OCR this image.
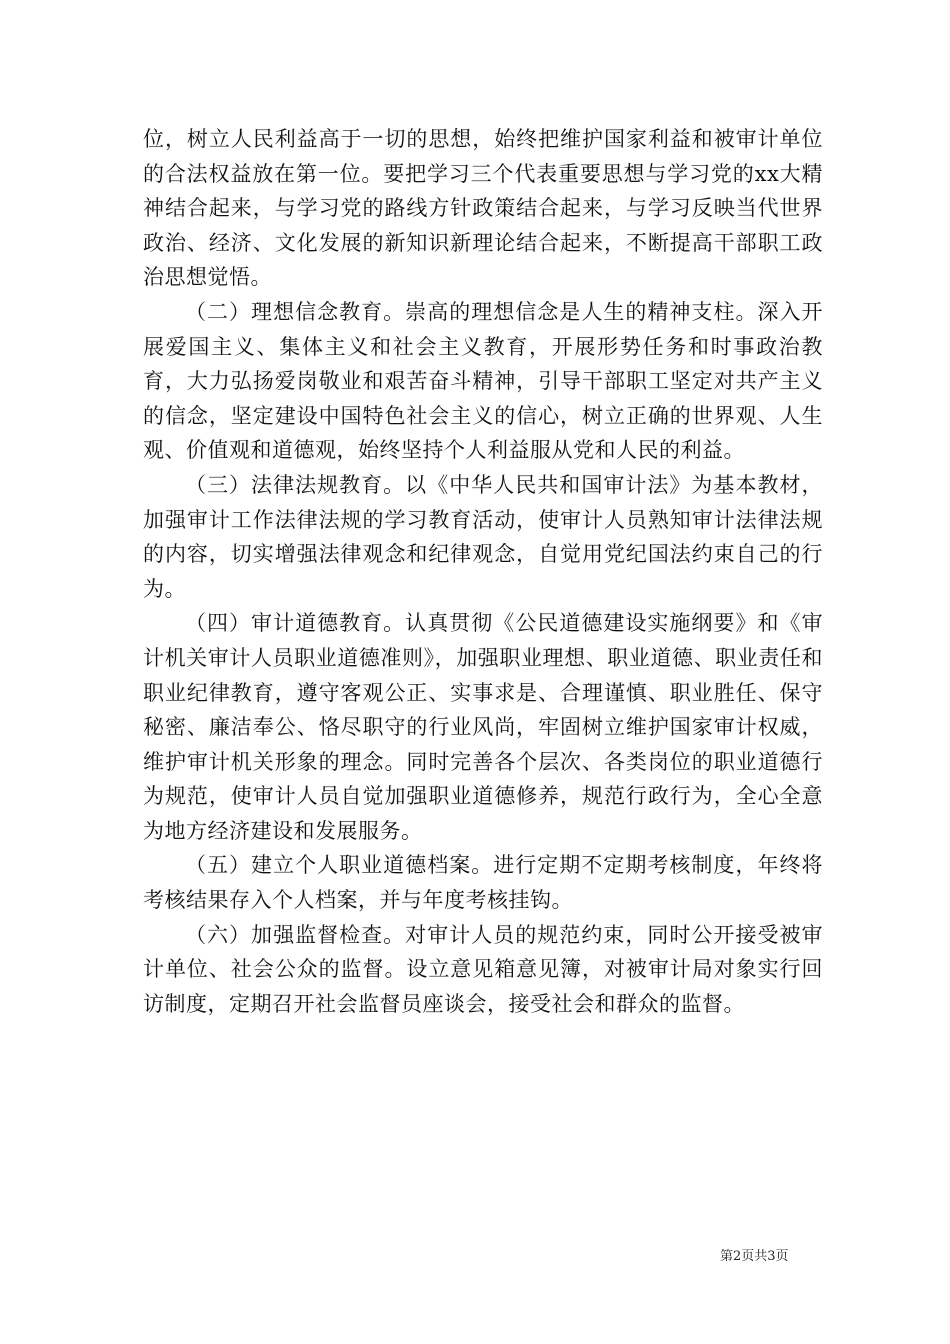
位，树立人民利益高于一切的思想，始终把维护国家利益和被审计单位的合法权益放在第一位。要把学习三个代表重要思想与学习党的xx大精神结合起来，与学习党的路线方针政策结合起来，与学习反映当代世界政治、经济、文化发展的新知识新理论结合起来，不断提高干部职工政治思想觉悟。

（二）理想信念教育。崇高的理想信念是人生的精神支柱。深入开展爱国主义、集体主义和社会主义教育，开展形势任务和时事政治教育，大力弘扬爱岗敬业和艰苦奋斗精神，引导干部职工坚定对共产主义的信念，坚定建设中国特色社会主义的信心，树立正确的世界观、人生观、价值观和道德观，始终坚持个人利益服从党和人民的利益。

（三）法律法规教育。以《中华人民共和国审计法》为基本教材，加强审计工作法律法规的学习教育活动，使审计人员熟知审计法律法规的内容，切实增强法律观念和纪律观念，自觉用党纪国法约束自己的行为。

（四）审计道德教育。认真贯彻《公民道德建设实施纲要》和《审计机关审计人员职业道德准则》，加强职业理想、职业道德、职业责任和职业纪律教育，遵守客观公正、实事求是、合理谨慎、职业胜任、保守秘密、廉洁奉公、恪尽职守的行业风尚，牢固树立维护国家审计权威，维护审计机关形象的理念。同时完善各个层次、各类岗位的职业道德行为规范，使审计人员自觉加强职业道德修养，规范行政行为，全心全意为地方经济建设和发展服务。

（五）建立个人职业道德档案。进行定期不定期考核制度，年终将考核结果存入个人档案，并与年度考核挂钩。

（六）加强监督检查。对审计人员的规范约束，同时公开接受被审计单位、社会公众的监督。设立意见箱意见簿，对被审计局对象实行回访制度，定期召开社会监督员座谈会，接受社会和群众的监督。

第2页共3页
